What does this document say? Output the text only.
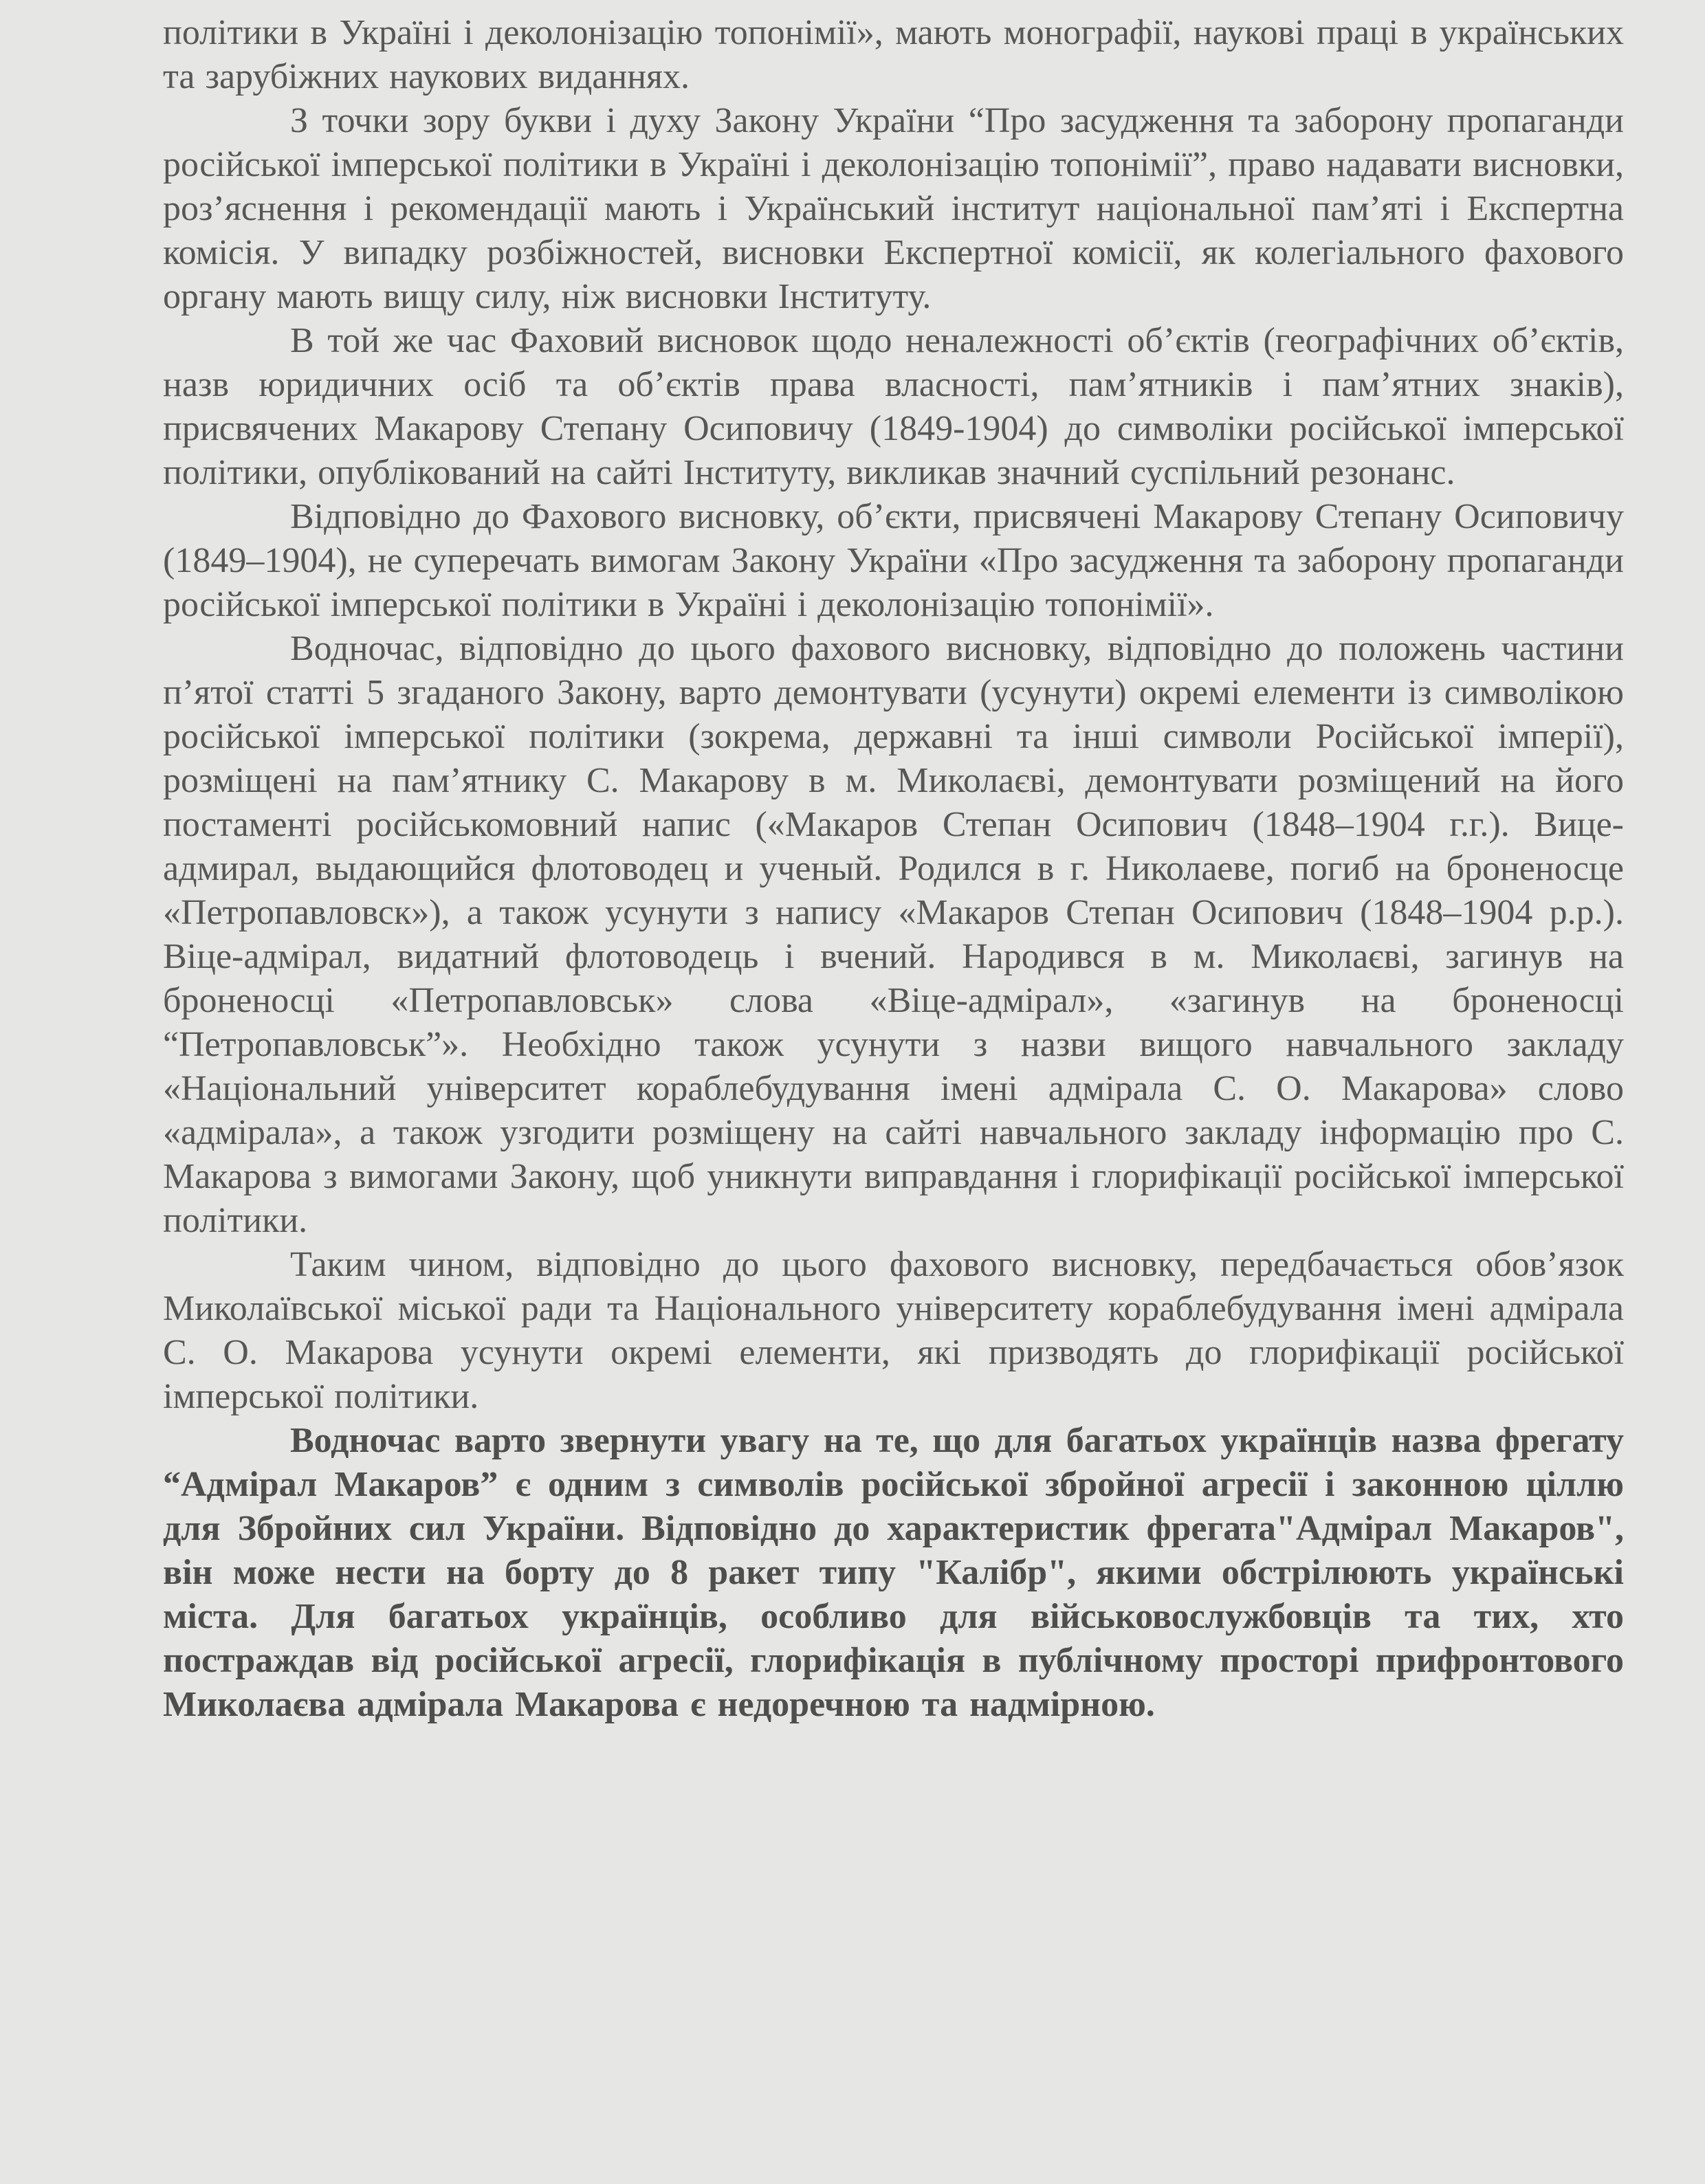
політики в Україні і деколонізацію топонімії», мають монографії, наукові праці в українських та зарубіжних наукових виданнях.

З точки зору букви і духу Закону України “Про засудження та заборону пропаганди російської імперської політики в Україні і деколонізацію топонімії”, право надавати висновки, роз’яснення і рекомендації мають і Український інститут національної пам’яті і Експертна комісія. У випадку розбіжностей, висновки Експертної комісії, як колегіального фахового органу мають вищу силу, ніж висновки Інституту.

В той же час Фаховий висновок щодо неналежності об’єктів (географічних об’єктів, назв юридичних осіб та об’єктів права власності, пам’ятників і пам’ятних знаків), присвячених Макарову Степану Осиповичу (1849-1904) до символіки російської імперської політики, опублікований на сайті Інституту, викликав значний суспільний резонанс.

Відповідно до Фахового висновку, об’єкти, присвячені Макарову Степану Осиповичу (1849–1904), не суперечать вимогам Закону України «Про засудження та заборону пропаганди російської імперської політики в Україні і деколонізацію топонімії».

Водночас, відповідно до цього фахового висновку, відповідно до положень частини п’ятої статті 5 згаданого Закону, варто демонтувати (усунути) окремі елементи із символікою російської імперської політики (зокрема, державні та інші символи Російської імперії), розміщені на пам’ятнику С. Макарову в м. Миколаєві, демонтувати розміщений на його постаменті російськомовний напис («Макаров Степан Осипович (1848–1904 г.г.). Вице-адмирал, выдающийся флотоводец и ученый. Родился в г. Николаеве, погиб на броненосце «Петропавловск»), а також усунути з напису «Макаров Степан Осипович (1848–1904 р.р.). Віце-адмірал, видатний флотоводець і вчений. Народився в м. Миколаєві, загинув на броненосці «Петропавловськ» слова «Віце-адмірал», «загинув на броненосці “Петропавловськ”». Необхідно також усунути з назви вищого навчального закладу «Національний університет кораблебудування імені адмірала С. О. Макарова» слово «адмірала», а також узгодити розміщену на сайті навчального закладу інформацію про С. Макарова з вимогами Закону, щоб уникнути виправдання і глорифікації російської імперської політики.

Таким чином, відповідно до цього фахового висновку, передбачається обов’язок Миколаївської міської ради та Національного університету кораблебудування імені адмірала С. О. Макарова усунути окремі елементи, які призводять до глорифікації російської імперської політики.

Водночас варто звернути увагу на те, що для багатьох українців назва фрегату “Адмірал Макаров” є одним з символів російської збройної агресії і законною ціллю для Збройних сил України. Відповідно до характеристик фрегата"Адмірал Макаров", він може нести на борту до 8 ракет типу "Калібр", якими обстрілюють українські міста. Для багатьох українців, особливо для військовослужбовців та тих, хто постраждав від російської агресії, глорифікація в публічному просторі прифронтового Миколаєва адмірала Макарова є недоречною та надмірною.
